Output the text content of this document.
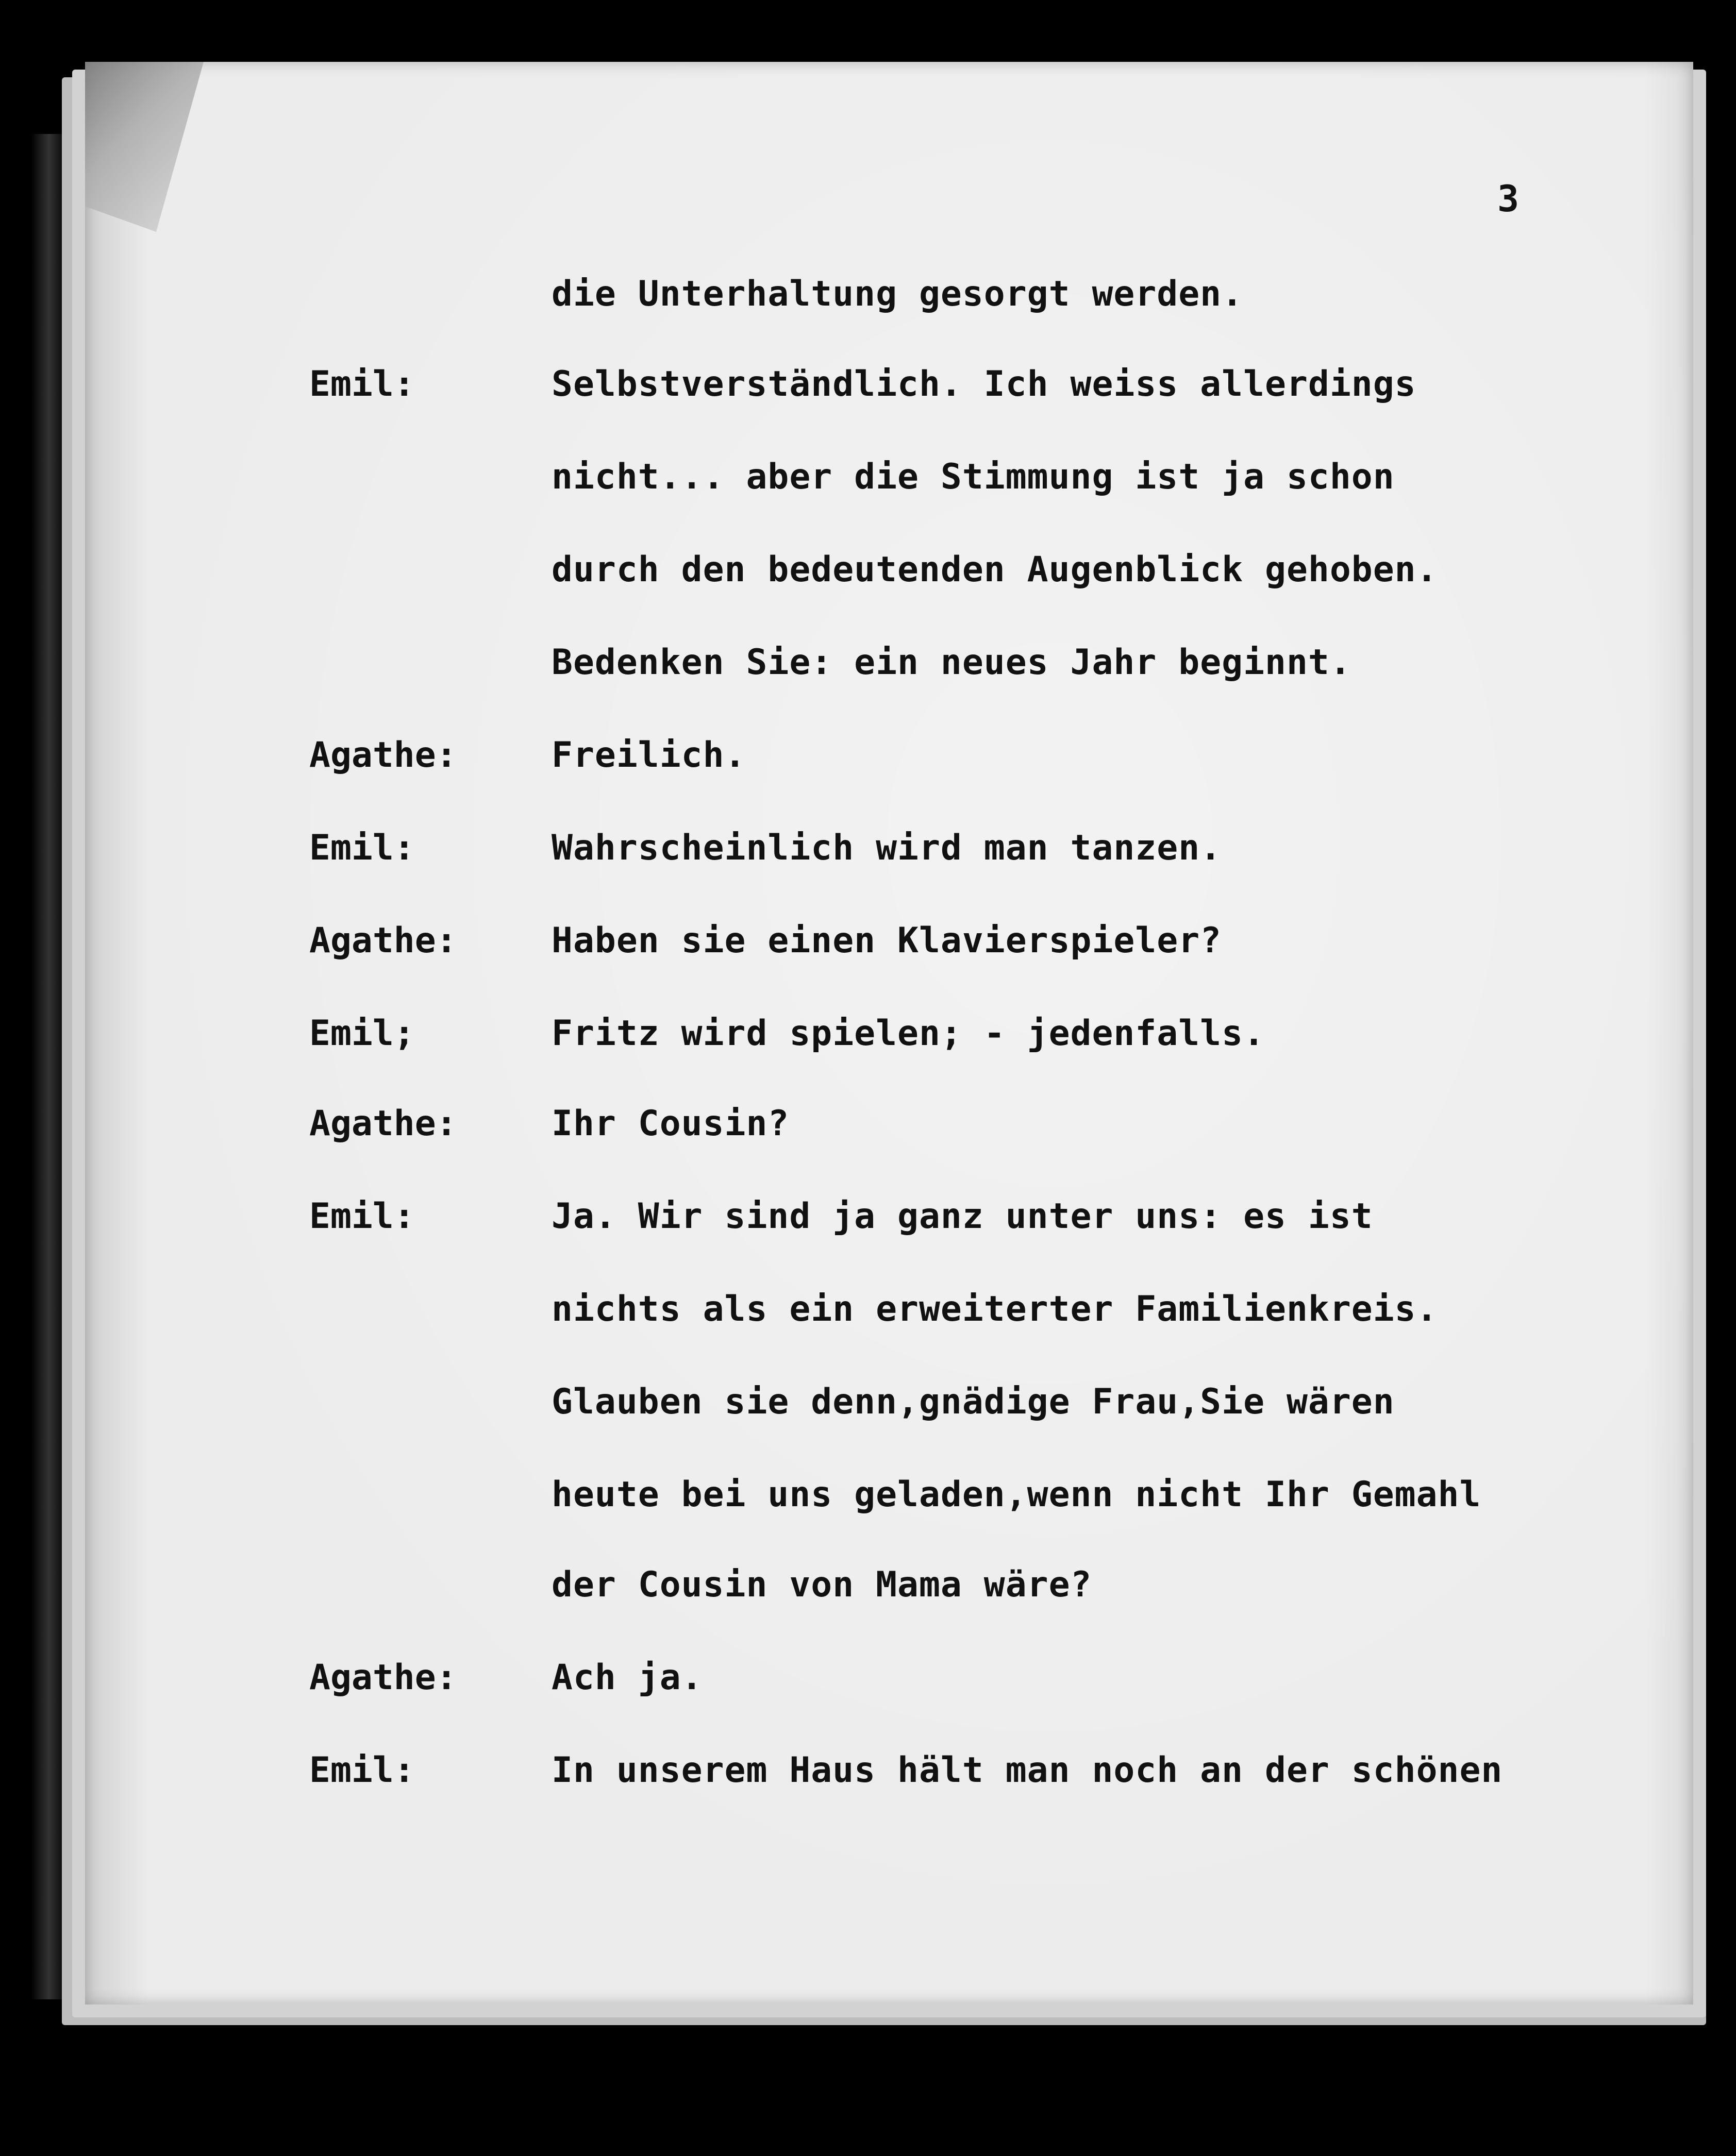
3
die Unterhaltung gesorgt werden.
Emil:	Selbstverständlich. Ich weiss allerdings
nicht... aber die Stimmung ist ja schon
durch den bedeutenden Augenblick gehoben.
Bedenken Sie: ein neues Jahr beginnt.
Agathe:	Freilich.
Emil:	Wahrscheinlich wird man tanzen.
Agathe:	Haben sie einen Klavierspieler?
Emil;	Fritz wird spielen; - jedenfalls.
Agathe:	Ihr Cousin?
Emil:	Ja. Wir sind ja ganz unter uns: es ist
nichts als ein erweiterter Familienkreis.
Glauben sie denn,gnädige Frau,Sie wären
heute bei uns geladen,wenn nicht Ihr Gemahl
der Cousin von Mama wäre?
Agathe:	Ach ja.
Emil:	In unserem Haus hält man noch an der schönen
